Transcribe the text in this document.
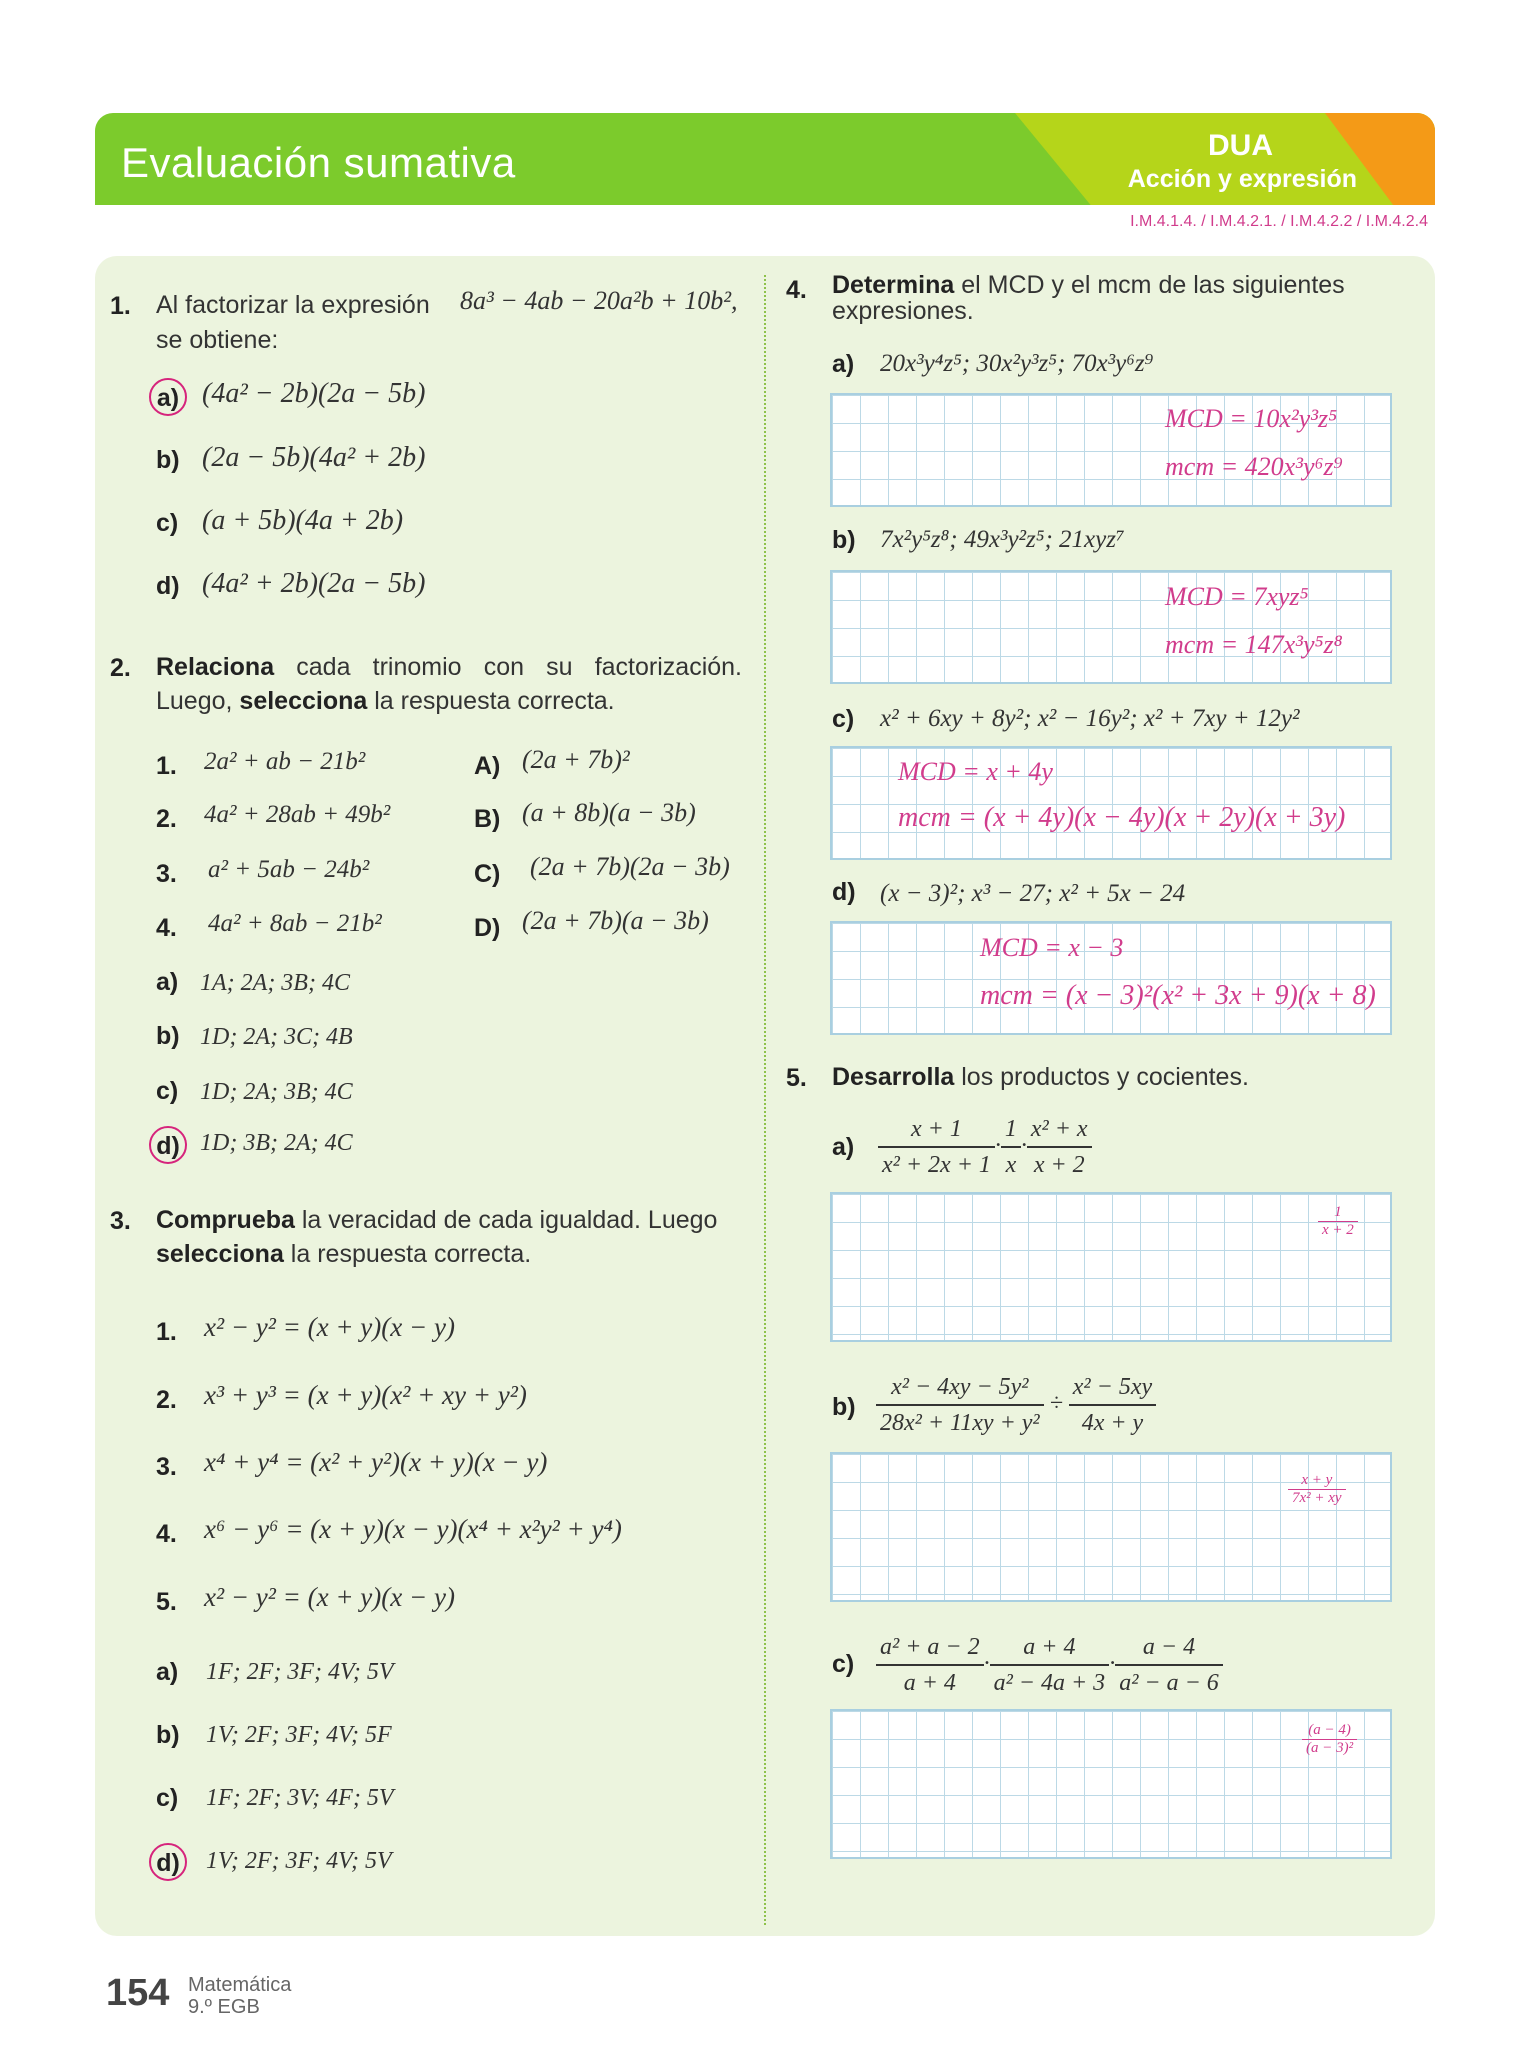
Evaluación sumativa	DUA
Acción y expresión
I.M.4.1.4. / I.M.4.2.1. / I.M.4.2.2 / I.M.4.2.4
1. Al factorizar la expresión 8a³ − 4ab − 20a²b + 10b²,
se obtiene:
a) (4a² − 2b)(2a − 5b)
b) (2a − 5b)(4a² + 2b)
c) (a + 5b)(4a + 2b)
d) (4a² + 2b)(2a − 5b)
2. Relaciona cada trinomio con su factorización. Luego, selecciona la respuesta correcta.
1. 2a² + ab − 21b²	A) (2a + 7b)²
2. 4a² + 28ab + 49b²	B) (a + 8b)(a − 3b)
3. a² + 5ab − 24b²	C) (2a + 7b)(2a − 3b)
4. 4a² + 8ab − 21b²	D) (2a + 7b)(a − 3b)
a) 1A; 2A; 3B; 4C
b) 1D; 2A; 3C; 4B
c) 1D; 2A; 3B; 4C
d) 1D; 3B; 2A; 4C
3. Comprueba la veracidad de cada igualdad. Luego selecciona la respuesta correcta.
1. x² − y² = (x + y)(x − y)
2. x³ + y³ = (x + y)(x² + xy + y²)
3. x⁴ + y⁴ = (x² + y²)(x + y)(x − y)
4. x⁶ − y⁶ = (x + y)(x − y)(x⁴ + x²y² + y⁴)
5. x² − y² = (x + y)(x − y)
a) 1F; 2F; 3F; 4V; 5V
b) 1V; 2F; 3F; 4V; 5F
c) 1F; 2F; 3V; 4F; 5V
d)	1V; 2F; 3F; 4V; 5V
4. Determina el MCD y el mcm de las siguientes expresiones.
a) 20x³y⁴z⁵; 30x²y³z⁵; 70x³y⁶z⁹
MCD = 10x²y³z⁵
mcm = 420x³y⁶z⁹
b) 7x²y⁵z⁸; 49x³y²z⁵; 21xyz⁷
MCD = 7xyz⁵
mcm = 147x³y⁵z⁸
c) x² + 6xy + 8y²; x² − 16y²; x² + 7xy + 12y²
MCD = x + 4y
mcm = (x + 4y)(x − 4y)(x + 2y)(x + 3y)
d) (x − 3)²; x³ − 27; x² + 5x − 24
MCD = x − 3
mcm = (x − 3)²(x² + 3x + 9)(x + 8)
5. Desarrolla los productos y cocientes.
$a) \frac{x + 1}{\text{x² + 2x + 1}} \cdot \frac{1}{x} \cdot \frac{\text{x² + x}}{x + 2}$
$\frac{1}{x + 2}$
$b) \frac{\text{x² − 4xy − 5y²}}{\text{28x² + 11xy + y²}} \div \frac{\text{x² − 5xy}}{4x + y}$
$\frac{x + y}{\text{7x² + xy}}$
$c) \frac{\text{a² + a − 2}}{a + 4} \cdot \frac{a + 4}{\text{a² − 4a + 3}} \cdot \frac{a - 4}{\text{a² − a − 6}}$
$\frac{(a - 4)}{\text{(a − 3)²}}$
154 Matemática
9.º EGB
